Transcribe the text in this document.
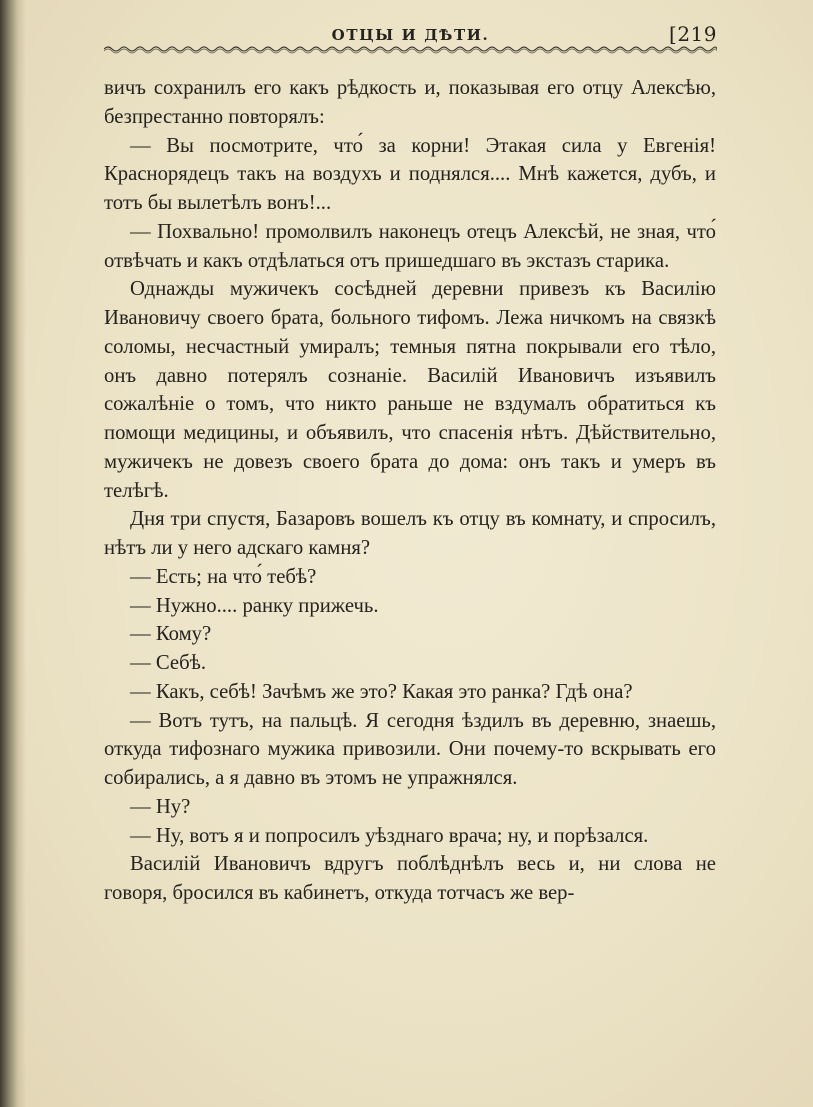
ОТЦЫ И ДѢТИ.	[219

вичъ сохранилъ его какъ рѣдкость и, показывая его отцу Алексѣю, безпрестанно повторялъ:

— Вы посмотрите, что́ за корни! Этакая сила у Евгенія! Краснорядецъ такъ на воздухъ и поднялся.... Мнѣ кажется, дубъ, и тотъ бы вылетѣлъ вонъ!...

— Похвально! промолвилъ наконецъ отецъ Алексѣй, не зная, что́ отвѣчать и какъ отдѣлаться отъ пришедшаго въ экстазъ старика.

Однажды мужичекъ сосѣдней деревни привезъ къ Василію Ивановичу своего брата, больного тифомъ. Лежа ничкомъ на связкѣ соломы, несчастный умиралъ; темныя пятна покрывали его тѣло, онъ давно потерялъ сознаніе. Василій Ивановичъ изъявилъ сожалѣніе о томъ, что никто раньше не вздумалъ обратиться къ помощи медицины, и объявилъ, что спасенія нѣтъ. Дѣйствительно, мужичекъ не довезъ своего брата до дома: онъ такъ и умеръ въ телѣгѣ.

Дня три спустя, Базаровъ вошелъ къ отцу въ комнату, и спросилъ, нѣтъ ли у него адскаго камня?

— Есть; на что́ тебѣ?

— Нужно.... ранку прижечь.

— Кому?

— Себѣ.

— Какъ, себѣ! Зачѣмъ же это? Какая это ранка? Гдѣ она?

— Вотъ тутъ, на пальцѣ. Я сегодня ѣздилъ въ деревню, знаешь, откуда тифознаго мужика привозили. Они почему-то вскрывать его собирались, а я давно въ этомъ не упражнялся.

— Ну?

— Ну, вотъ я и попросилъ уѣзднаго врача; ну, и порѣзался.

Василій Ивановичъ вдругъ поблѣднѣлъ весь и, ни слова не говоря, бросился въ кабинетъ, откуда тотчасъ же вер-
